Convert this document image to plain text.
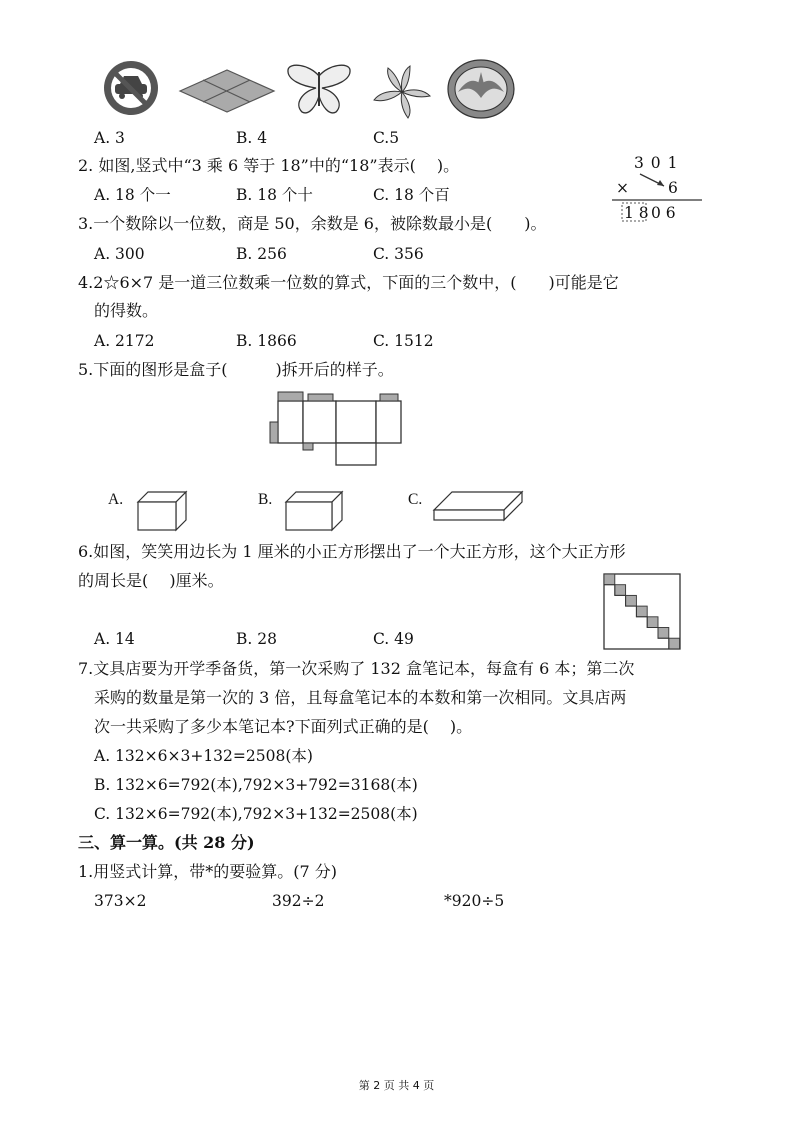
A. 3	B. 4	C.5
2. 如图,竖式中“3 乘 6 等于 18”中的“18”表示(　 )。
A. 18 个一	B. 18 个十	C. 18 个百
3 0 1
×	6
1 8 0 6
3.一个数除以一位数，商是 50，余数是 6，被除数最小是(　　)。
A. 300	B. 256	C. 356
4.2☆6×7 是一道三位数乘一位数的算式，下面的三个数中，(　　)可能是它
的得数。
A. 2172	B. 1866	C. 1512
5.下面的图形是盒子(　　　)拆开后的样子。
A.	B.	C.
6.如图，笑笑用边长为 1 厘米的小正方形摆出了一个大正方形，这个大正方形
的周长是(　 )厘米。
A. 14	B. 28	C. 49
7.文具店要为开学季备货，第一次采购了 132 盒笔记本，每盒有 6 本；第二次
采购的数量是第一次的 3 倍，且每盒笔记本的本数和第一次相同。文具店两
次一共采购了多少本笔记本?下面列式正确的是(　 )。
A. 132×6×3+132=2508(本)
B. 132×6=792(本),792×3+792=3168(本)
C. 132×6=792(本),792×3+132=2508(本)
三、算一算。(共 28 分)
1.用竖式计算，带*的要验算。(7 分)
373×2	392÷2	*920÷5
第 2 页 共 4 页
